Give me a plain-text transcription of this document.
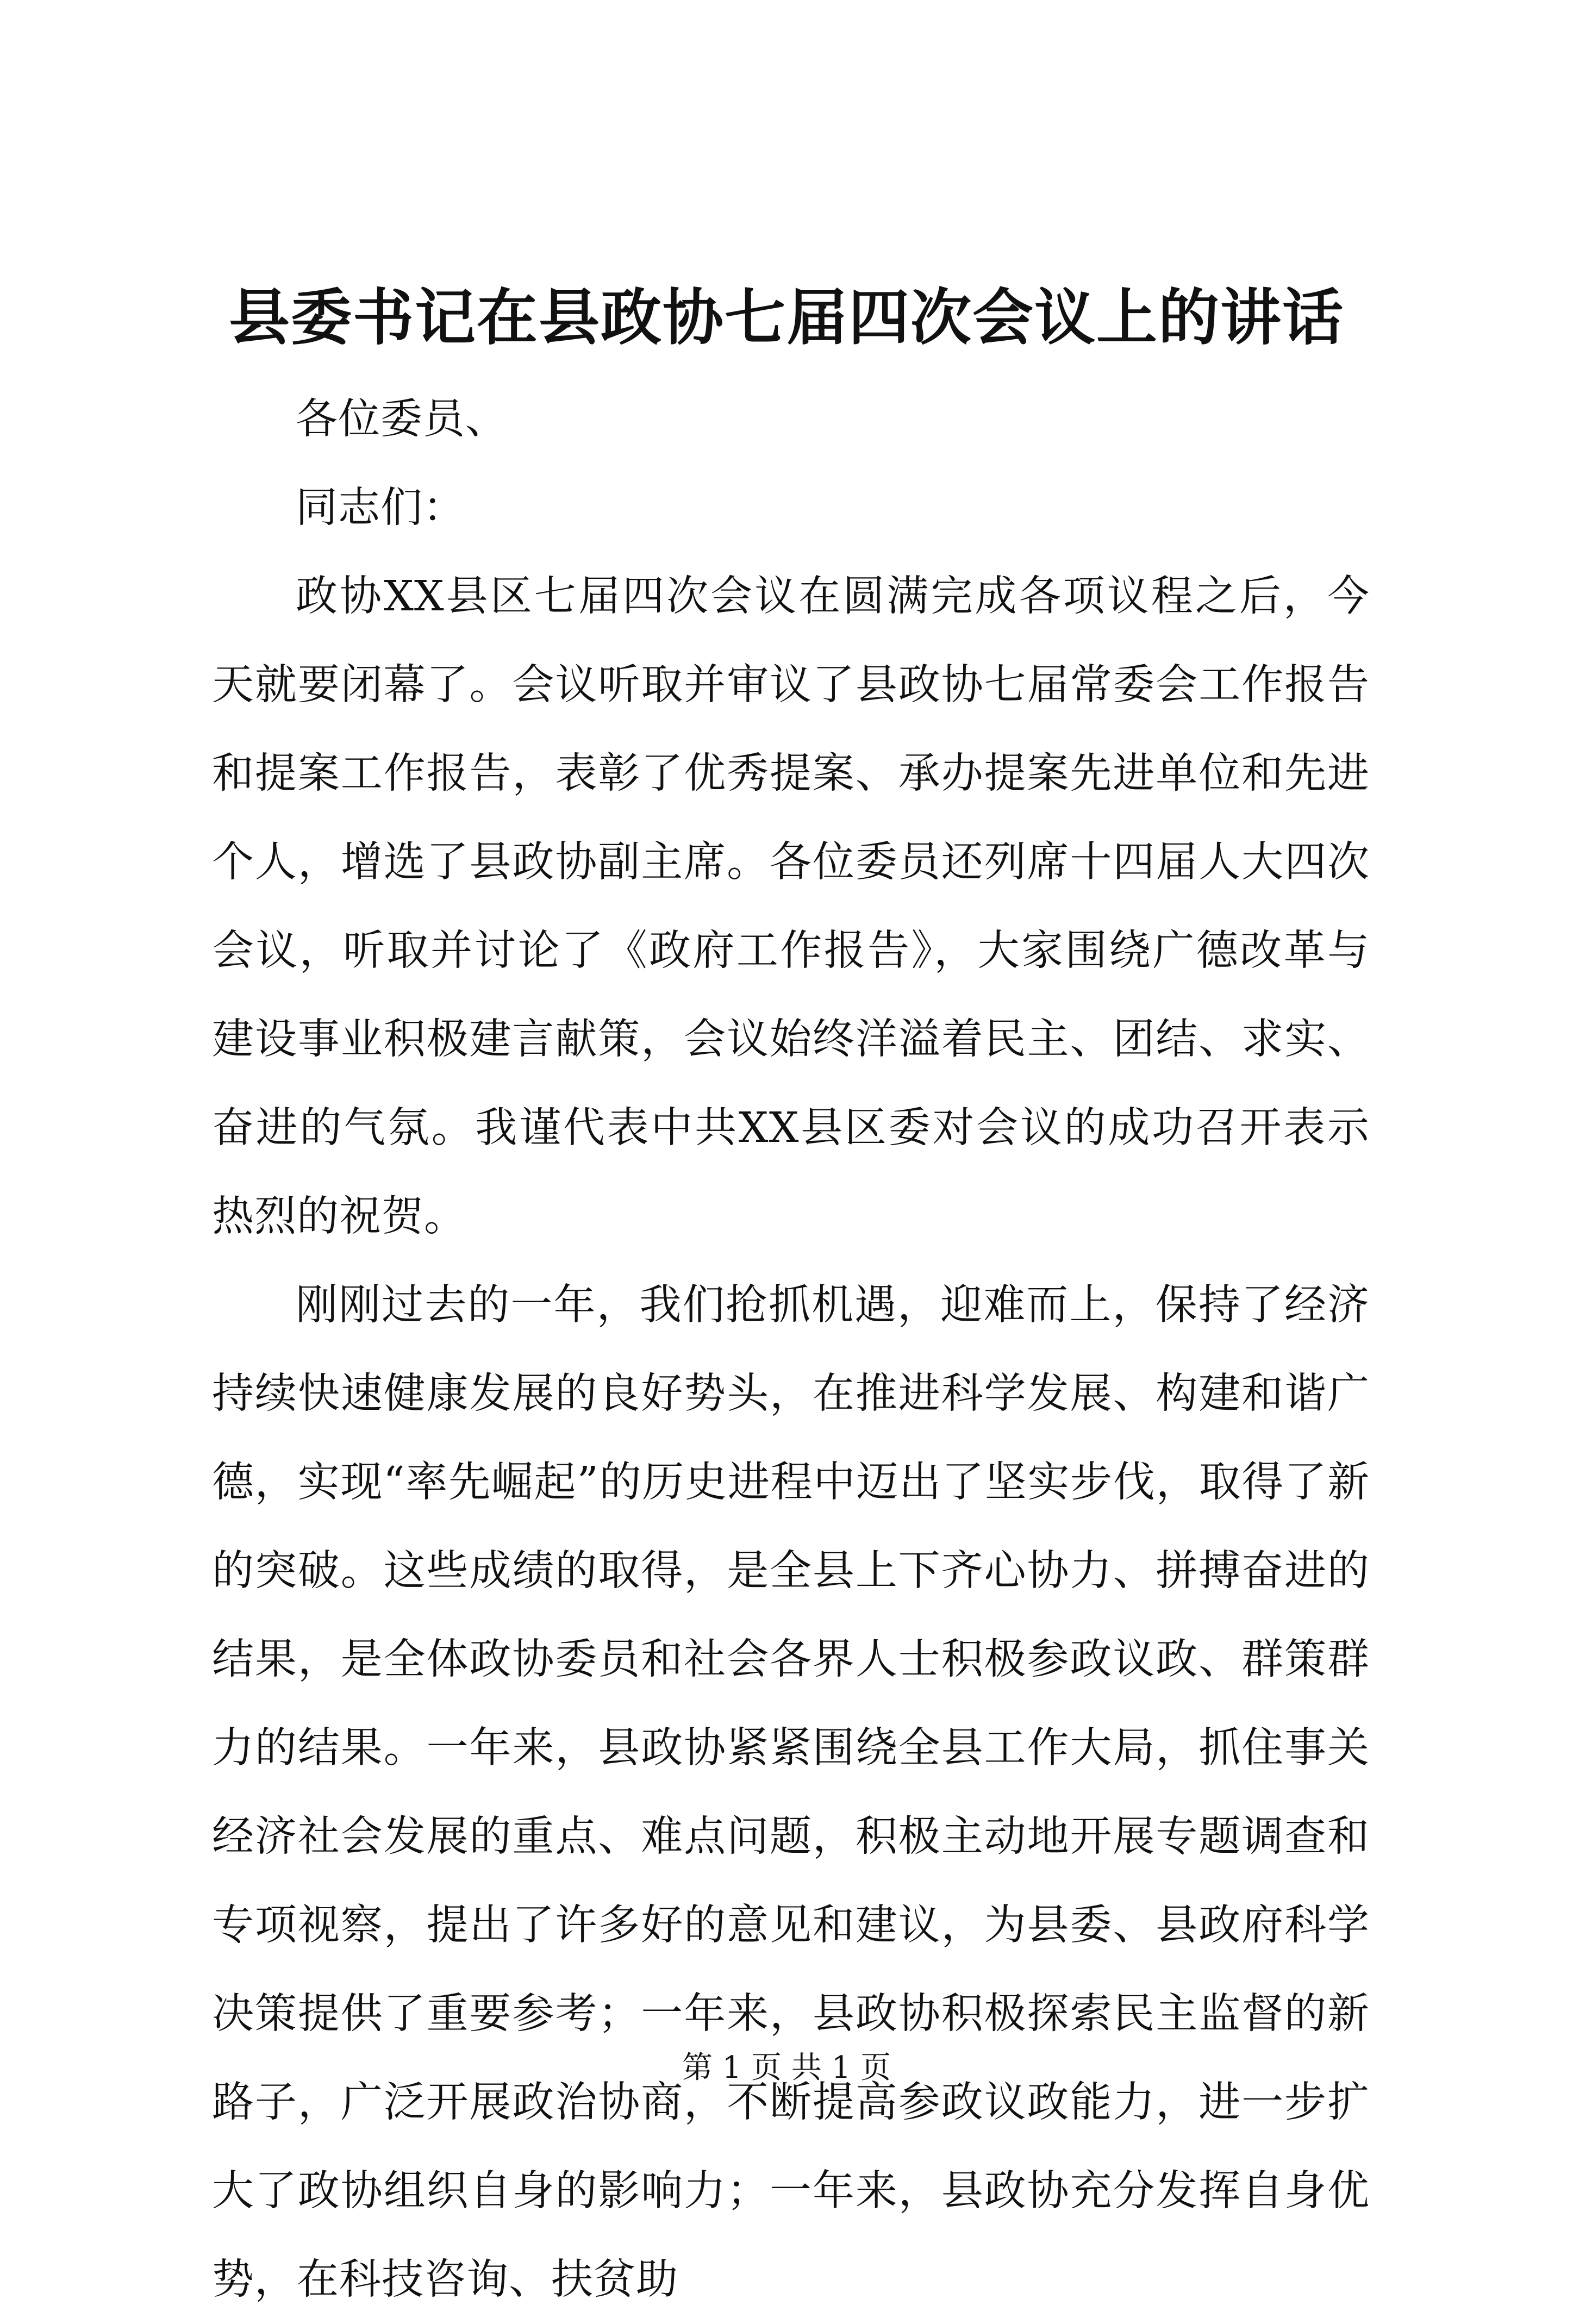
县委书记在县政协七届四次会议上的讲话

各位委员、

同志们：

政协XX县区七届四次会议在圆满完成各项议程之后，今天就要闭幕了。会议听取并审议了县政协七届常委会工作报告和提案工作报告，表彰了优秀提案、承办提案先进单位和先进个人，增选了县政协副主席。各位委员还列席十四届人大四次会议，听取并讨论了《政府工作报告》，大家围绕广德改革与建设事业积极建言献策，会议始终洋溢着民主、团结、求实、奋进的气氛。我谨代表中共XX县区委对会议的成功召开表示热烈的祝贺。

刚刚过去的一年，我们抢抓机遇，迎难而上，保持了经济持续快速健康发展的良好势头，在推进科学发展、构建和谐广德，实现“率先崛起”的历史进程中迈出了坚实步伐，取得了新的突破。这些成绩的取得，是全县上下齐心协力、拼搏奋进的结果，是全体政协委员和社会各界人士积极参政议政、群策群力的结果。一年来，县政协紧紧围绕全县工作大局，抓住事关经济社会发展的重点、难点问题，积极主动地开展专题调查和专项视察，提出了许多好的意见和建议，为县委、县政府科学决策提供了重要参考；一年来，县政协积极探索民主监督的新路子，广泛开展政治协商，不断提高参政议政能力，进一步扩大了政协组织自身的影响力；一年来，县政协充分发挥自身优势，在科技咨询、扶贫助

第 1 页 共 1 页
